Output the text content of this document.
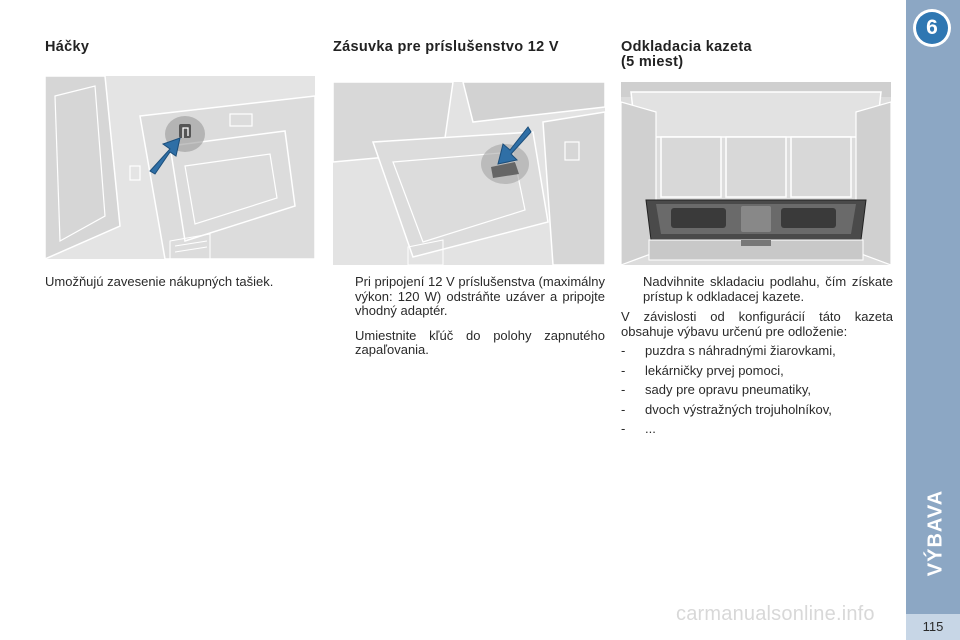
Háčky

Umožňujú zavesenie nákupných tašiek.

Zásuvka pre príslušenstvo 12 V
Pri pripojení 12 V príslušenstva (maximálny výkon: 120 W) odstráňte uzáver a pripojte vhodný adaptér.
Umiestnite kľúč do polohy zapnutého zapaľovania.
Odkladacia kazeta
(5 miest)
Nadvihnite skladaciu podlahu, čím získate prístup k odkladacej kazete.

V závislosti od konfigurácií táto kazeta obsahuje výbavu určenú pre odloženie:

-	puzdra s náhradnými žiarovkami,
-	lekárničky prvej pomoci,
-	sady pre opravu pneumatiky,
-	dvoch výstražných trojuholníkov,
-	...
6
VÝBAVA
115
carmanualsonline.info
